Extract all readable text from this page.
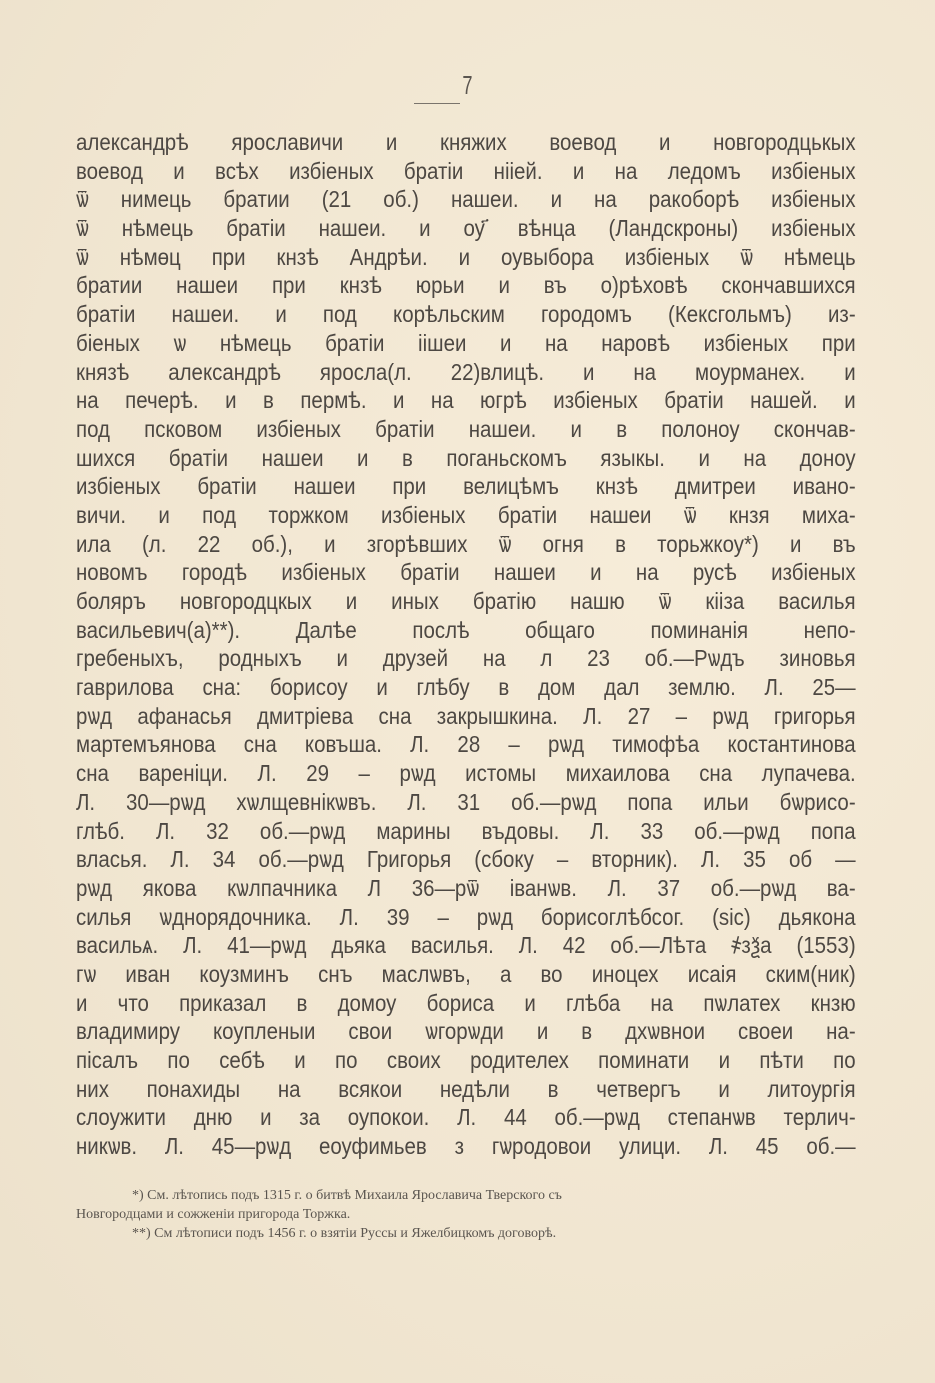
7
александрѣ ярославичи и княжих воевод и новгородцькых
воевод и всѣх избіеных братіи нііей. и на ледомъ избіеных
ѿ нимець братии (21 об.) нашеи. и на ракоборѣ избіеных
ѿ нѣмець братіи нашеи. и оу҃ вѣнца (Ландскроны) избіеных
ѿ нѣмөц при кнзѣ Андрѣи. и оувыбора избіеных ѿ нѣмець
братии нашеи при кнзѣ юрьи и въ о)рѣховѣ скончавшихся
братіи нашеи. и под корѣльским городомъ (Кексгольмъ) из-
біеных ѡ нѣмець братіи іішеи и на наровѣ избіеных при
князѣ александрѣ яросла(л. 22)влицѣ. и на моурманех. и
на печерѣ. и в пермѣ. и на югрѣ избіеных братіи нашей. и
под псковом избіеных братіи нашеи. и в полоноу скончав-
шихся братіи нашеи и в поганьскомъ языкы. и на доноу
избіеных братіи нашеи при велицѣмъ кнзѣ дмитреи ивано-
вичи. и под торжком избіеных братіи нашеи ѿ кнзя миха-
ила (л. 22 об.), и згорѣвших ѿ огня в торьжкоу*) и въ
новомъ городѣ избіеных братіи нашеи и на русѣ избіеных
боляръ новгородцкых и иных братію нашю ѿ кііза василья
васильевич(а)**). Далѣе послѣ общаго поминанія непо-
гребеныхъ, родныхъ и друзей на л 23 об.—Рѡдъ зиновья
гаврилова сна: борисоу и глѣбу в дом дал землю. Л. 25—
рѡд афанасья дмитріева сна закрышкина. Л. 27 – рѡд григорья
мартемъянова сна ковъша. Л. 28 – рѡд тимофѣа костантинова
сна вареніци. Л. 29 – рѡд истомы михаилова сна лупачева.
Л. 30—рѡд хѡлщевнікѡвъ. Л. 31 об.—рѡд попа ильи бѡрисо-
глѣб. Л. 32 об.—рѡд марины въдовы. Л. 33 об.—рѡд попа
власья. Л. 34 об.—рѡд Григорья (сбоку – вторник). Л. 35 об —
рѡд якова кѡлпачника Л 36—рѿ іванѡв. Л. 37 об.—рѡд ва-
силья ѡднорядочника. Л. 39 – рѡд борисоглѣбсог. (sic) дьякона
васильѧ. Л. 41—рѡд дьяка василья. Л. 42 об.—Лѣта ҂зѯа (1553)
гѡ иван коузминъ снъ маслѡвъ, а во иноцех исаія ским(ник)
и что приказал в домоу бориса и глѣба на пѡлатех кнзю
владимиру коупленыи свои ѡгорѡди и в дхѡвнои своеи на-
пісалъ по себѣ и по своих родителех поминати и пѣти по
них понахиды на всякои недѣли в четвергъ и литоургія
слоужити дню и за оупокои. Л. 44 об.—рѡд степанѡв терлич-
никѡв. Л. 45—рѡд еоуфимьев з гѡродовои улици. Л. 45 об.—
*) См. лѣтопись подъ 1315 г. о битвѣ Михаила Ярославича Тверского съ
Новгородцами и сожженіи пригорода Торжка.
**) См лѣтописи подъ 1456 г. о взятіи Руссы и Яжелбицкомъ договорѣ.
